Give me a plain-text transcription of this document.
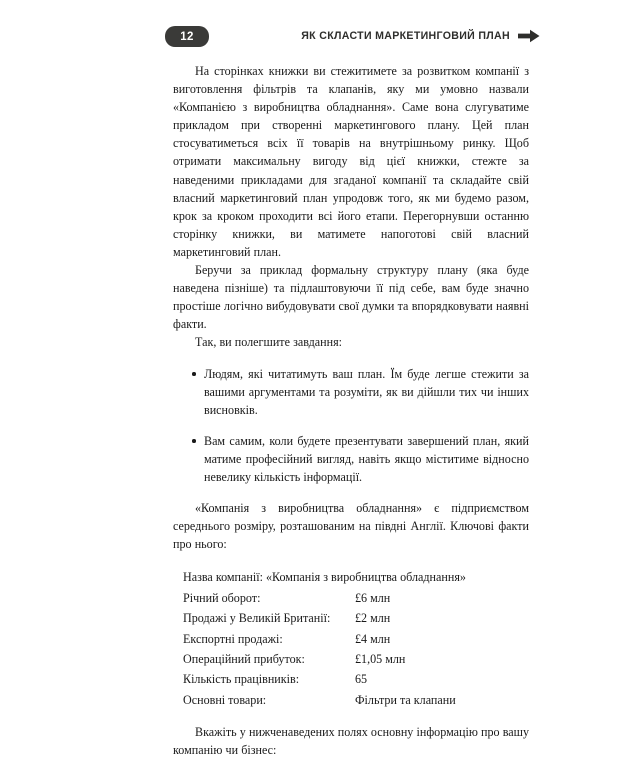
12	ЯК СКЛАСТИ МАРКЕТИНГОВИЙ ПЛАН

На сторінках книжки ви стежитимете за розвитком компанії з виготовлення фільтрів та клапанів, яку ми умовно назвали «Компанією з виробництва обладнання». Саме вона слугуватиме прикладом при створенні маркетингового плану. Цей план стосуватиметься всіх її товарів на внутрішньому ринку. Щоб отримати максимальну вигоду від цієї книжки, стежте за наведеними прикладами для згаданої компанії та складайте свій власний маркетинговий план упродовж того, як ми будемо разом, крок за кроком проходити всі його етапи. Перегорнувши останню сторінку книжки, ви матимете напоготові свій власний маркетинговий план.

Беручи за приклад формальну структуру плану (яка буде наведена пізніше) та підлаштовуючи її під себе, вам буде значно простіше логічно вибудовувати свої думки та впорядковувати наявні факти.

Так, ви полегшите завдання:

Людям, які читатимуть ваш план. Їм буде легше стежити за вашими аргументами та розуміти, як ви дійшли тих чи інших висновків.
Вам самим, коли будете презентувати завершений план, який матиме професійний вигляд, навіть якщо міститиме відносно невелику кількість інформації.

«Компанія з виробництва обладнання» є підприємством середнього розміру, розташованим на півдні Англії. Ключові факти про нього:

Назва компанії: «Компанія з виробництва обладнання»
Річний оборот:	£6 млн
Продажі у Великій Британії:	£2 млн
Експортні продажі:	£4 млн
Операційний прибуток:	£1,05 млн
Кількість працівників:	65
Основні товари:	Фільтри та клапани

Вкажіть у нижченаведених полях основну інформацію про вашу компанію чи бізнес:
